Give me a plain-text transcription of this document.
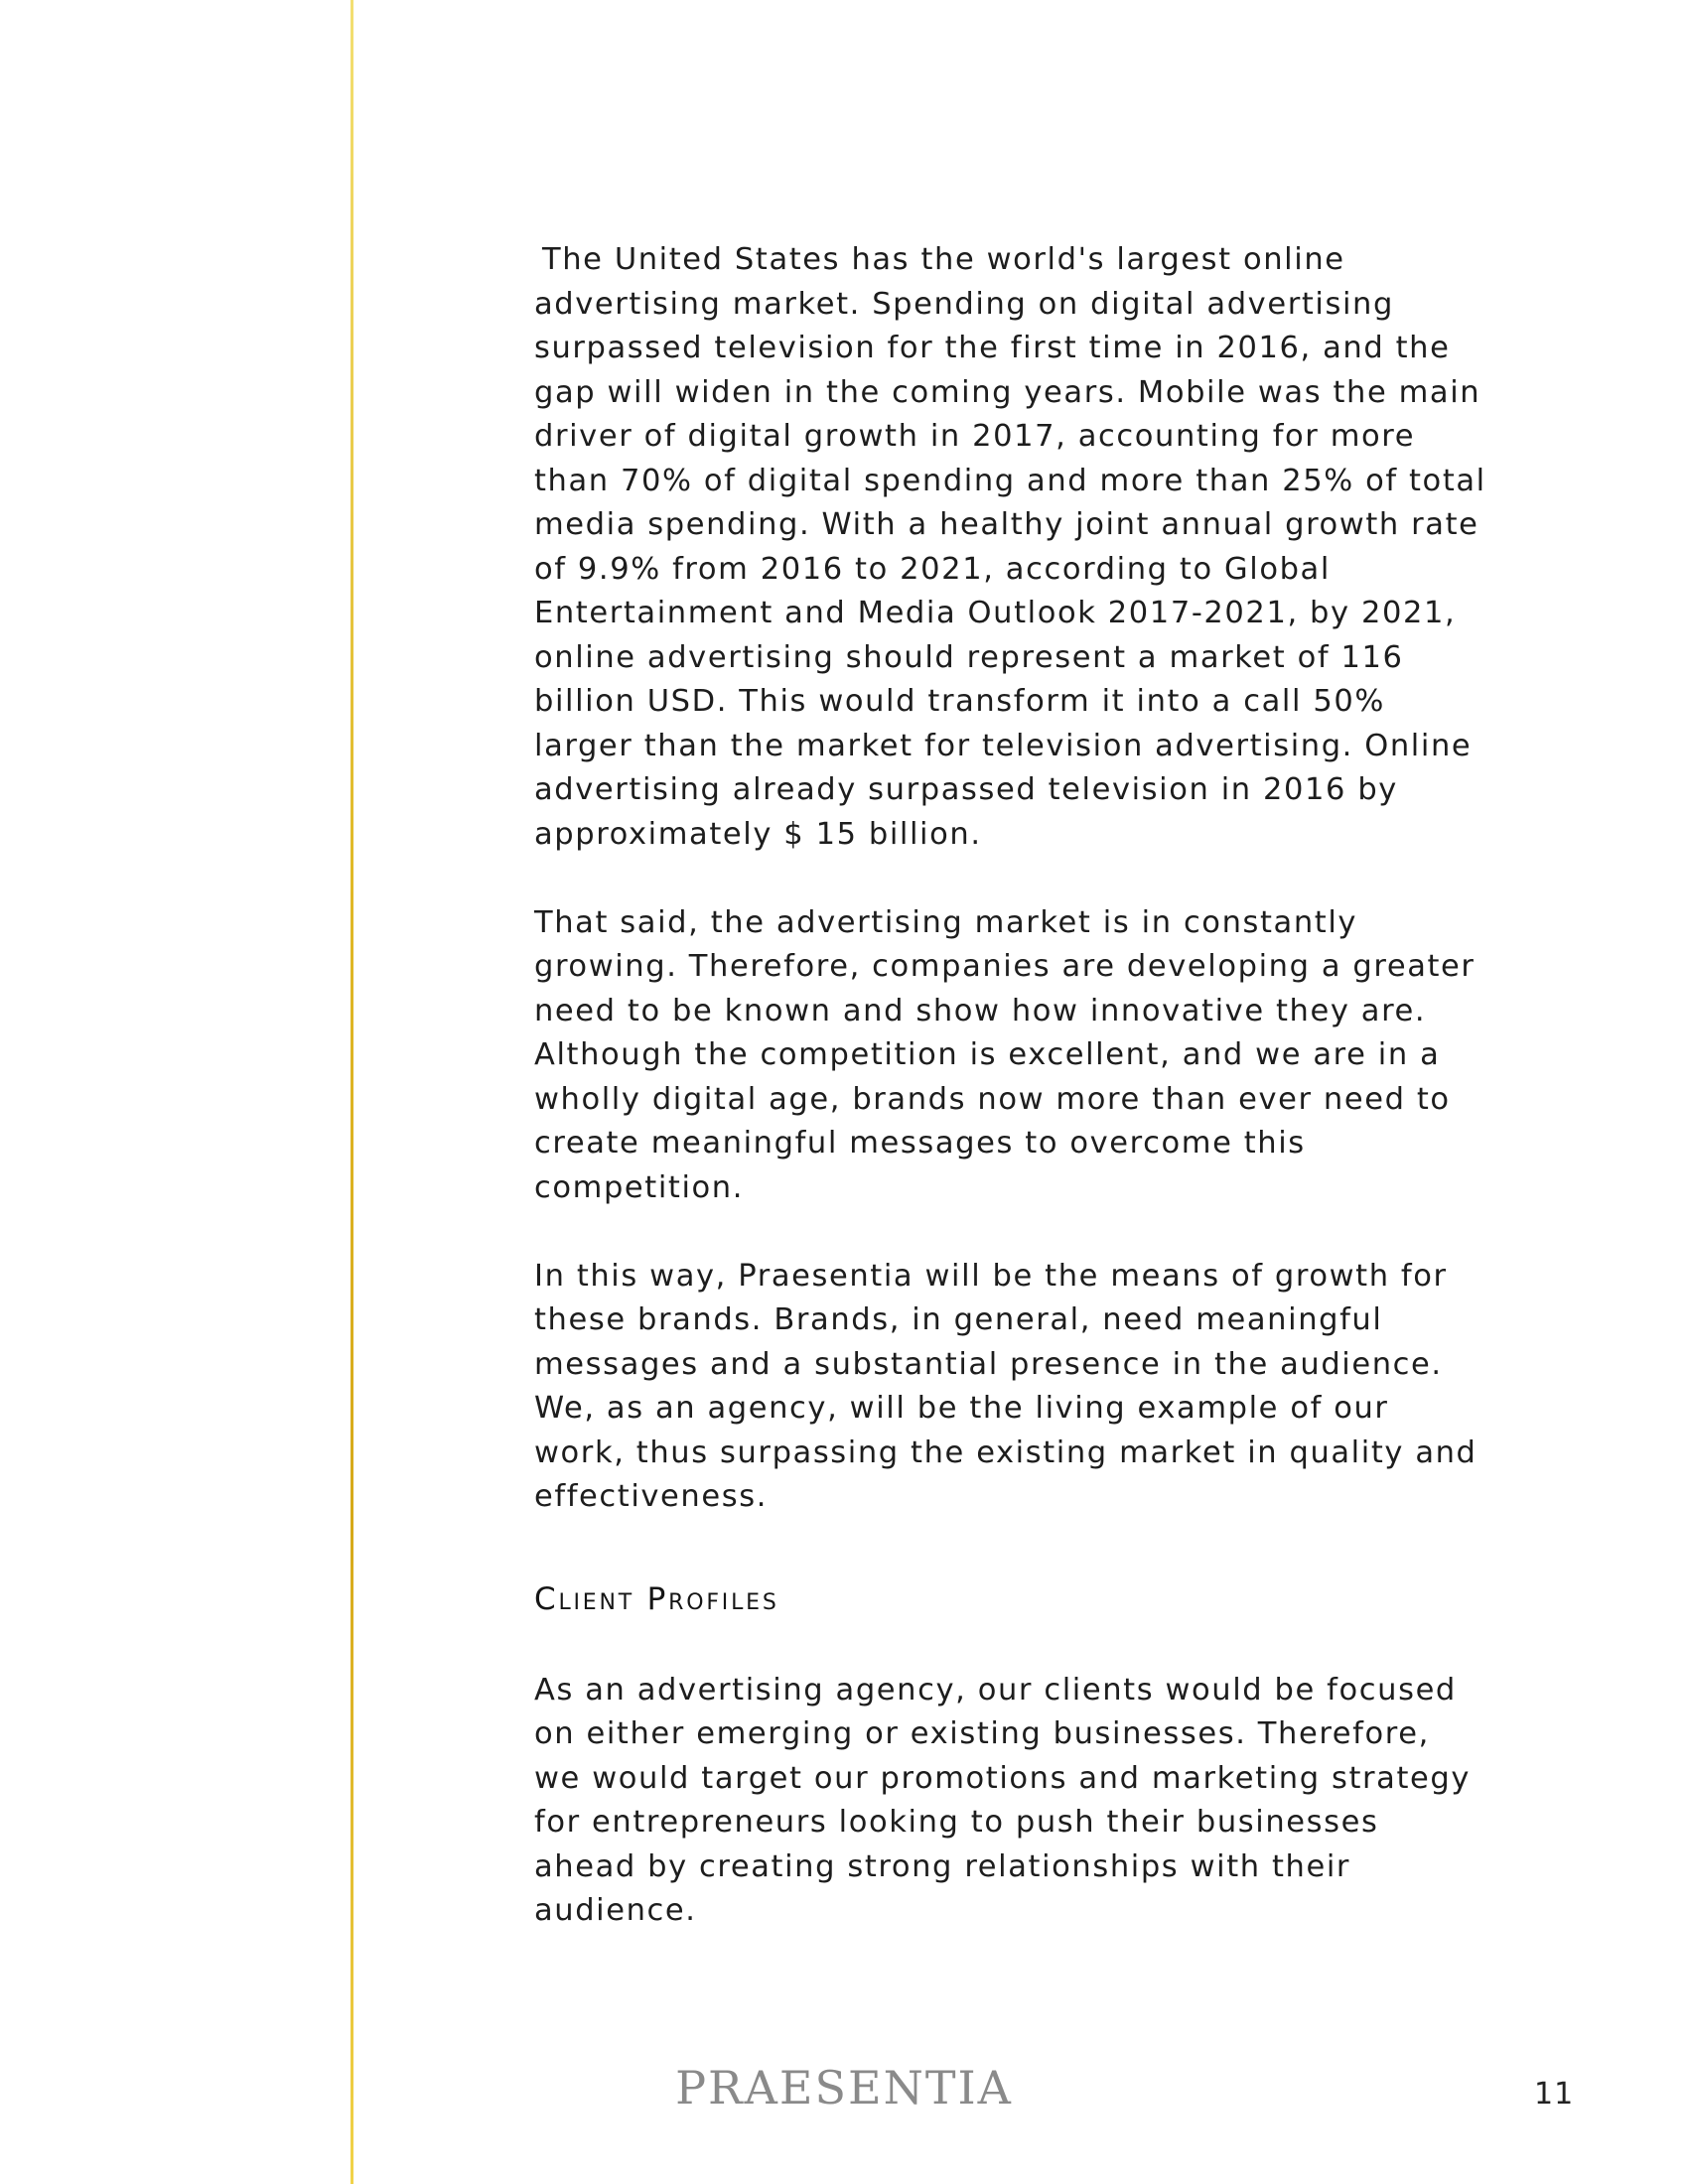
The United States has the world's largest online advertising market. Spending on digital advertising surpassed television for the first time in 2016, and the gap will widen in the coming years. Mobile was the main driver of digital growth in 2017, accounting for more than 70% of digital spending and more than 25% of total media spending. With a healthy joint annual growth rate of 9.9% from 2016 to 2021, according to Global Entertainment and Media Outlook 2017-2021, by 2021, online advertising should represent a market of 116 billion USD. This would transform it into a call 50% larger than the market for television advertising. Online advertising already surpassed television in 2016 by approximately $ 15 billion.

That said, the advertising market is in constantly growing. Therefore, companies are developing a greater need to be known and show how innovative they are. Although the competition is excellent, and we are in a wholly digital age, brands now more than ever need to create meaningful messages to overcome this competition.

In this way, Praesentia will be the means of growth for these brands. Brands, in general, need meaningful messages and a substantial presence in the audience. We, as an agency, will be the living example of our work, thus surpassing the existing market in quality and effectiveness.

Client Profiles

As an advertising agency, our clients would be focused on either emerging or existing businesses. Therefore, we would target our promotions and marketing strategy for entrepreneurs looking to push their businesses ahead by creating strong relationships with their audience.

PRAESENTIA	11
